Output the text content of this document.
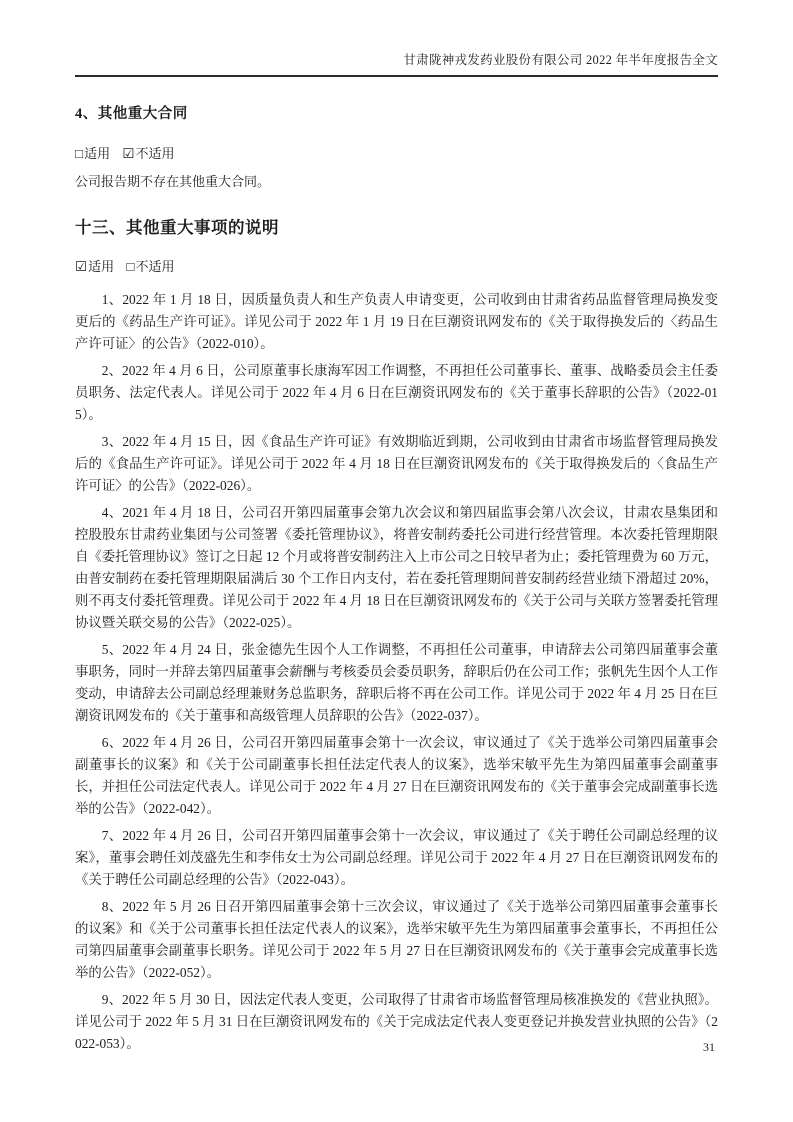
甘肃陇神戎发药业股份有限公司 2022 年半年度报告全文
4、其他重大合同
□适用 ☑不适用
公司报告期不存在其他重大合同。
十三、其他重大事项的说明
☑适用 □不适用

1、2022 年 1 月 18 日，因质量负责人和生产负责人申请变更，公司收到由甘肃省药品监督管理局换发变更后的《药品生产许可证》。详见公司于 2022 年 1 月 19 日在巨潮资讯网发布的《关于取得换发后的〈药品生产许可证〉的公告》（2022-010）。

2、2022 年 4 月 6 日，公司原董事长康海军因工作调整，不再担任公司董事长、董事、战略委员会主任委员职务、法定代表人。详见公司于 2022 年 4 月 6 日在巨潮资讯网发布的《关于董事长辞职的公告》（2022-015）。

3、2022 年 4 月 15 日，因《食品生产许可证》有效期临近到期，公司收到由甘肃省市场监督管理局换发后的《食品生产许可证》。详见公司于 2022 年 4 月 18 日在巨潮资讯网发布的《关于取得换发后的〈食品生产许可证〉的公告》（2022-026）。

4、2021 年 4 月 18 日，公司召开第四届董事会第九次会议和第四届监事会第八次会议，甘肃农垦集团和控股股东甘肃药业集团与公司签署《委托管理协议》，将普安制药委托公司进行经营管理。本次委托管理期限自《委托管理协议》签订之日起 12 个月或将普安制药注入上市公司之日较早者为止；委托管理费为 60 万元，由普安制药在委托管理期限届满后 30 个工作日内支付，若在委托管理期间普安制药经营业绩下滑超过 20%，则不再支付委托管理费。详见公司于 2022 年 4 月 18 日在巨潮资讯网发布的《关于公司与关联方签署委托管理协议暨关联交易的公告》（2022-025）。

5、2022 年 4 月 24 日，张金德先生因个人工作调整，不再担任公司董事，申请辞去公司第四届董事会董事职务，同时一并辞去第四届董事会薪酬与考核委员会委员职务，辞职后仍在公司工作；张帆先生因个人工作变动，申请辞去公司副总经理兼财务总监职务，辞职后将不再在公司工作。详见公司于 2022 年 4 月 25 日在巨潮资讯网发布的《关于董事和高级管理人员辞职的公告》（2022-037）。

6、2022 年 4 月 26 日，公司召开第四届董事会第十一次会议，审议通过了《关于选举公司第四届董事会副董事长的议案》和《关于公司副董事长担任法定代表人的议案》，选举宋敏平先生为第四届董事会副董事长，并担任公司法定代表人。详见公司于 2022 年 4 月 27 日在巨潮资讯网发布的《关于董事会完成副董事长选举的公告》（2022-042）。

7、2022 年 4 月 26 日，公司召开第四届董事会第十一次会议，审议通过了《关于聘任公司副总经理的议案》，董事会聘任刘茂盛先生和李伟女士为公司副总经理。详见公司于 2022 年 4 月 27 日在巨潮资讯网发布的《关于聘任公司副总经理的公告》（2022-043）。

8、2022 年 5 月 26 日召开第四届董事会第十三次会议，审议通过了《关于选举公司第四届董事会董事长的议案》和《关于公司董事长担任法定代表人的议案》，选举宋敏平先生为第四届董事会董事长，不再担任公司第四届董事会副董事长职务。详见公司于 2022 年 5 月 27 日在巨潮资讯网发布的《关于董事会完成董事长选举的公告》（2022-052）。

9、2022 年 5 月 30 日，因法定代表人变更，公司取得了甘肃省市场监督管理局核准换发的《营业执照》。详见公司于 2022 年 5 月 31 日在巨潮资讯网发布的《关于完成法定代表人变更登记并换发营业执照的公告》（2022-053）。	31
